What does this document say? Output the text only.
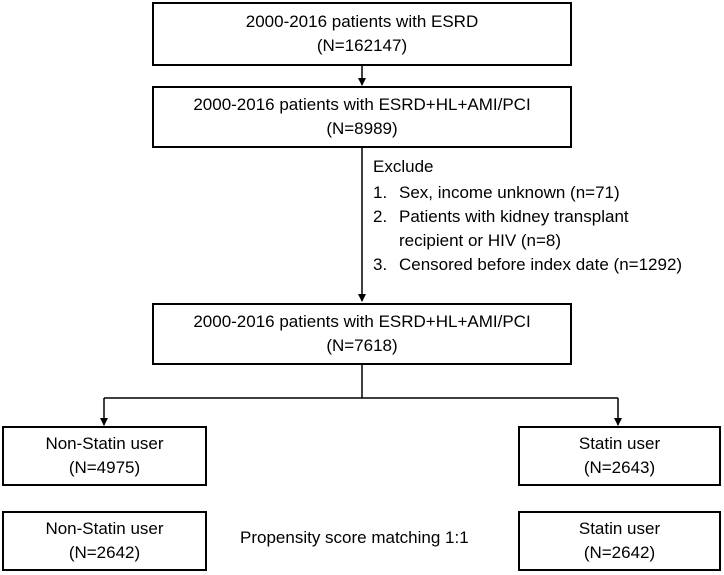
2000-2016 patients with ESRD
(N=162147)
2000-2016 patients with ESRD+HL+AMI/PCI
(N=8989)
Exclude
1. Sex, income unknown (n=71)
2. Patients with kidney transplant recipient or HIV (n=8)
3. Censored before index date (n=1292)
2000-2016 patients with ESRD+HL+AMI/PCI
(N=7618)
Non-Statin user
(N=4975)
Statin user
(N=2643)
Non-Statin user
(N=2642)
Propensity score matching 1:1	Statin user
(N=2642)
